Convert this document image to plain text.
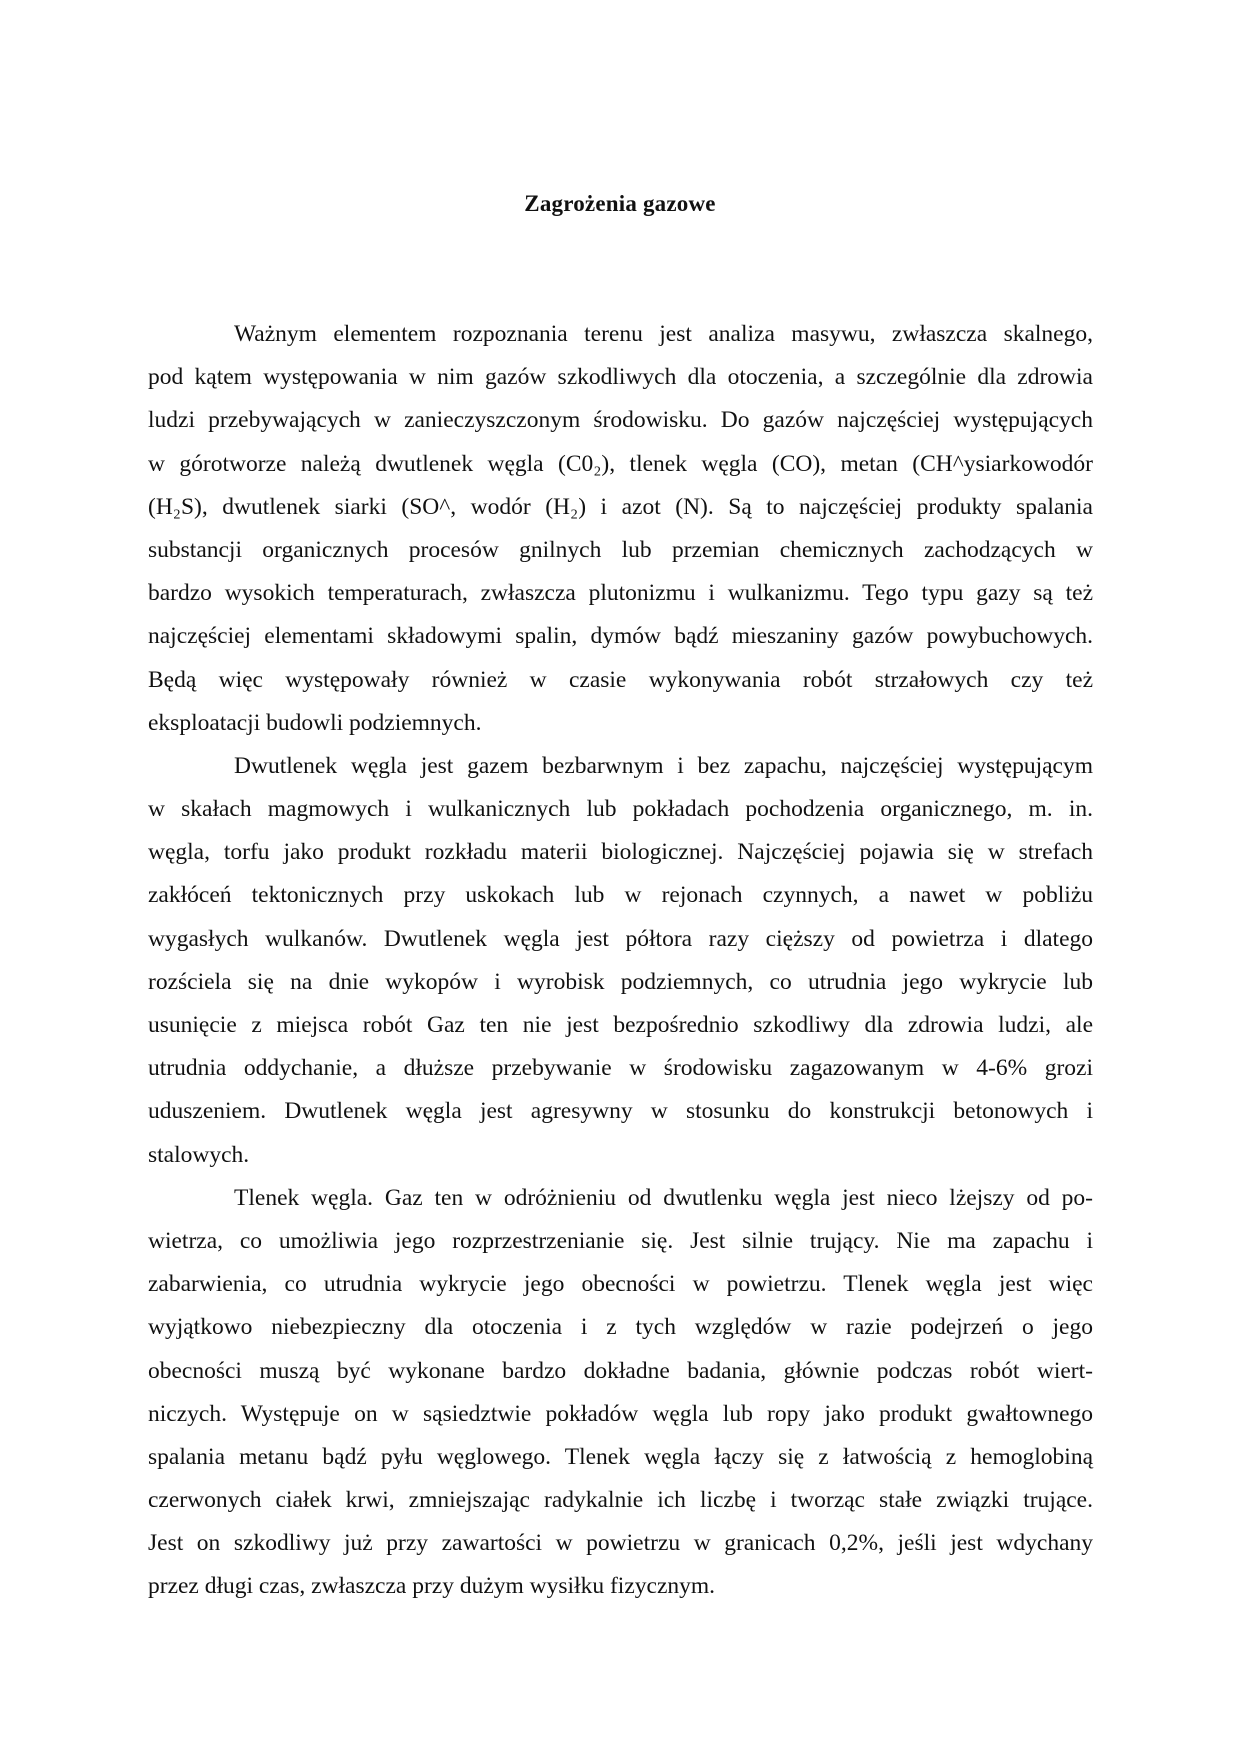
Zagrożenia gazowe
Ważnym elementem rozpoznania terenu jest analiza masywu, zwłaszcza skalnego,
pod kątem występowania w nim gazów szkodliwych dla otoczenia, a szczególnie dla zdrowia
ludzi przebywających w zanieczyszczonym środowisku. Do gazów najczęściej występujących
w górotworze należą dwutlenek węgla (C0₂), tlenek węgla (CO), metan (CH^ysiarkowodór
(H₂S), dwutlenek siarki (SO^, wodór (H₂) i azot (N). Są to najczęściej produkty spalania
substancji organicznych procesów gnilnych lub przemian chemicznych zachodzących w
bardzo wysokich temperaturach, zwłaszcza plutonizmu i wulkanizmu. Tego typu gazy są też
najczęściej elementami składowymi spalin, dymów bądź mieszaniny gazów powybuchowych.
Będą więc występowały również w czasie wykonywania robót strzałowych czy też
eksploatacji budowli podziemnych.
Dwutlenek węgla jest gazem bezbarwnym i bez zapachu, najczęściej występującym
w skałach magmowych i wulkanicznych lub pokładach pochodzenia organicznego, m. in.
węgla, torfu jako produkt rozkładu materii biologicznej. Najczęściej pojawia się w strefach
zakłóceń tektonicznych przy uskokach lub w rejonach czynnych, a nawet w pobliżu
wygasłych wulkanów. Dwutlenek węgla jest półtora razy cięższy od powietrza i dlatego
rozściela się na dnie wykopów i wyrobisk podziemnych, co utrudnia jego wykrycie lub
usunięcie z miejsca robót Gaz ten nie jest bezpośrednio szkodliwy dla zdrowia ludzi, ale
utrudnia oddychanie, a dłuższe przebywanie w środowisku zagazowanym w 4-6% grozi
uduszeniem. Dwutlenek węgla jest agresywny w stosunku do konstrukcji betonowych i
stalowych.
Tlenek węgla. Gaz ten w odróżnieniu od dwutlenku węgla jest nieco lżejszy od po-
wietrza, co umożliwia jego rozprzestrzenianie się. Jest silnie trujący. Nie ma zapachu i
zabarwienia, co utrudnia wykrycie jego obecności w powietrzu. Tlenek węgla jest więc
wyjątkowo niebezpieczny dla otoczenia i z tych względów w razie podejrzeń o jego
obecności muszą być wykonane bardzo dokładne badania, głównie podczas robót wiert-
niczych. Występuje on w sąsiedztwie pokładów węgla lub ropy jako produkt gwałtownego
spalania metanu bądź pyłu węglowego. Tlenek węgla łączy się z łatwością z hemoglobiną
czerwonych ciałek krwi, zmniejszając radykalnie ich liczbę i tworząc stałe związki trujące.
Jest on szkodliwy już przy zawartości w powietrzu w granicach 0,2%, jeśli jest wdychany
przez długi czas, zwłaszcza przy dużym wysiłku fizycznym.
